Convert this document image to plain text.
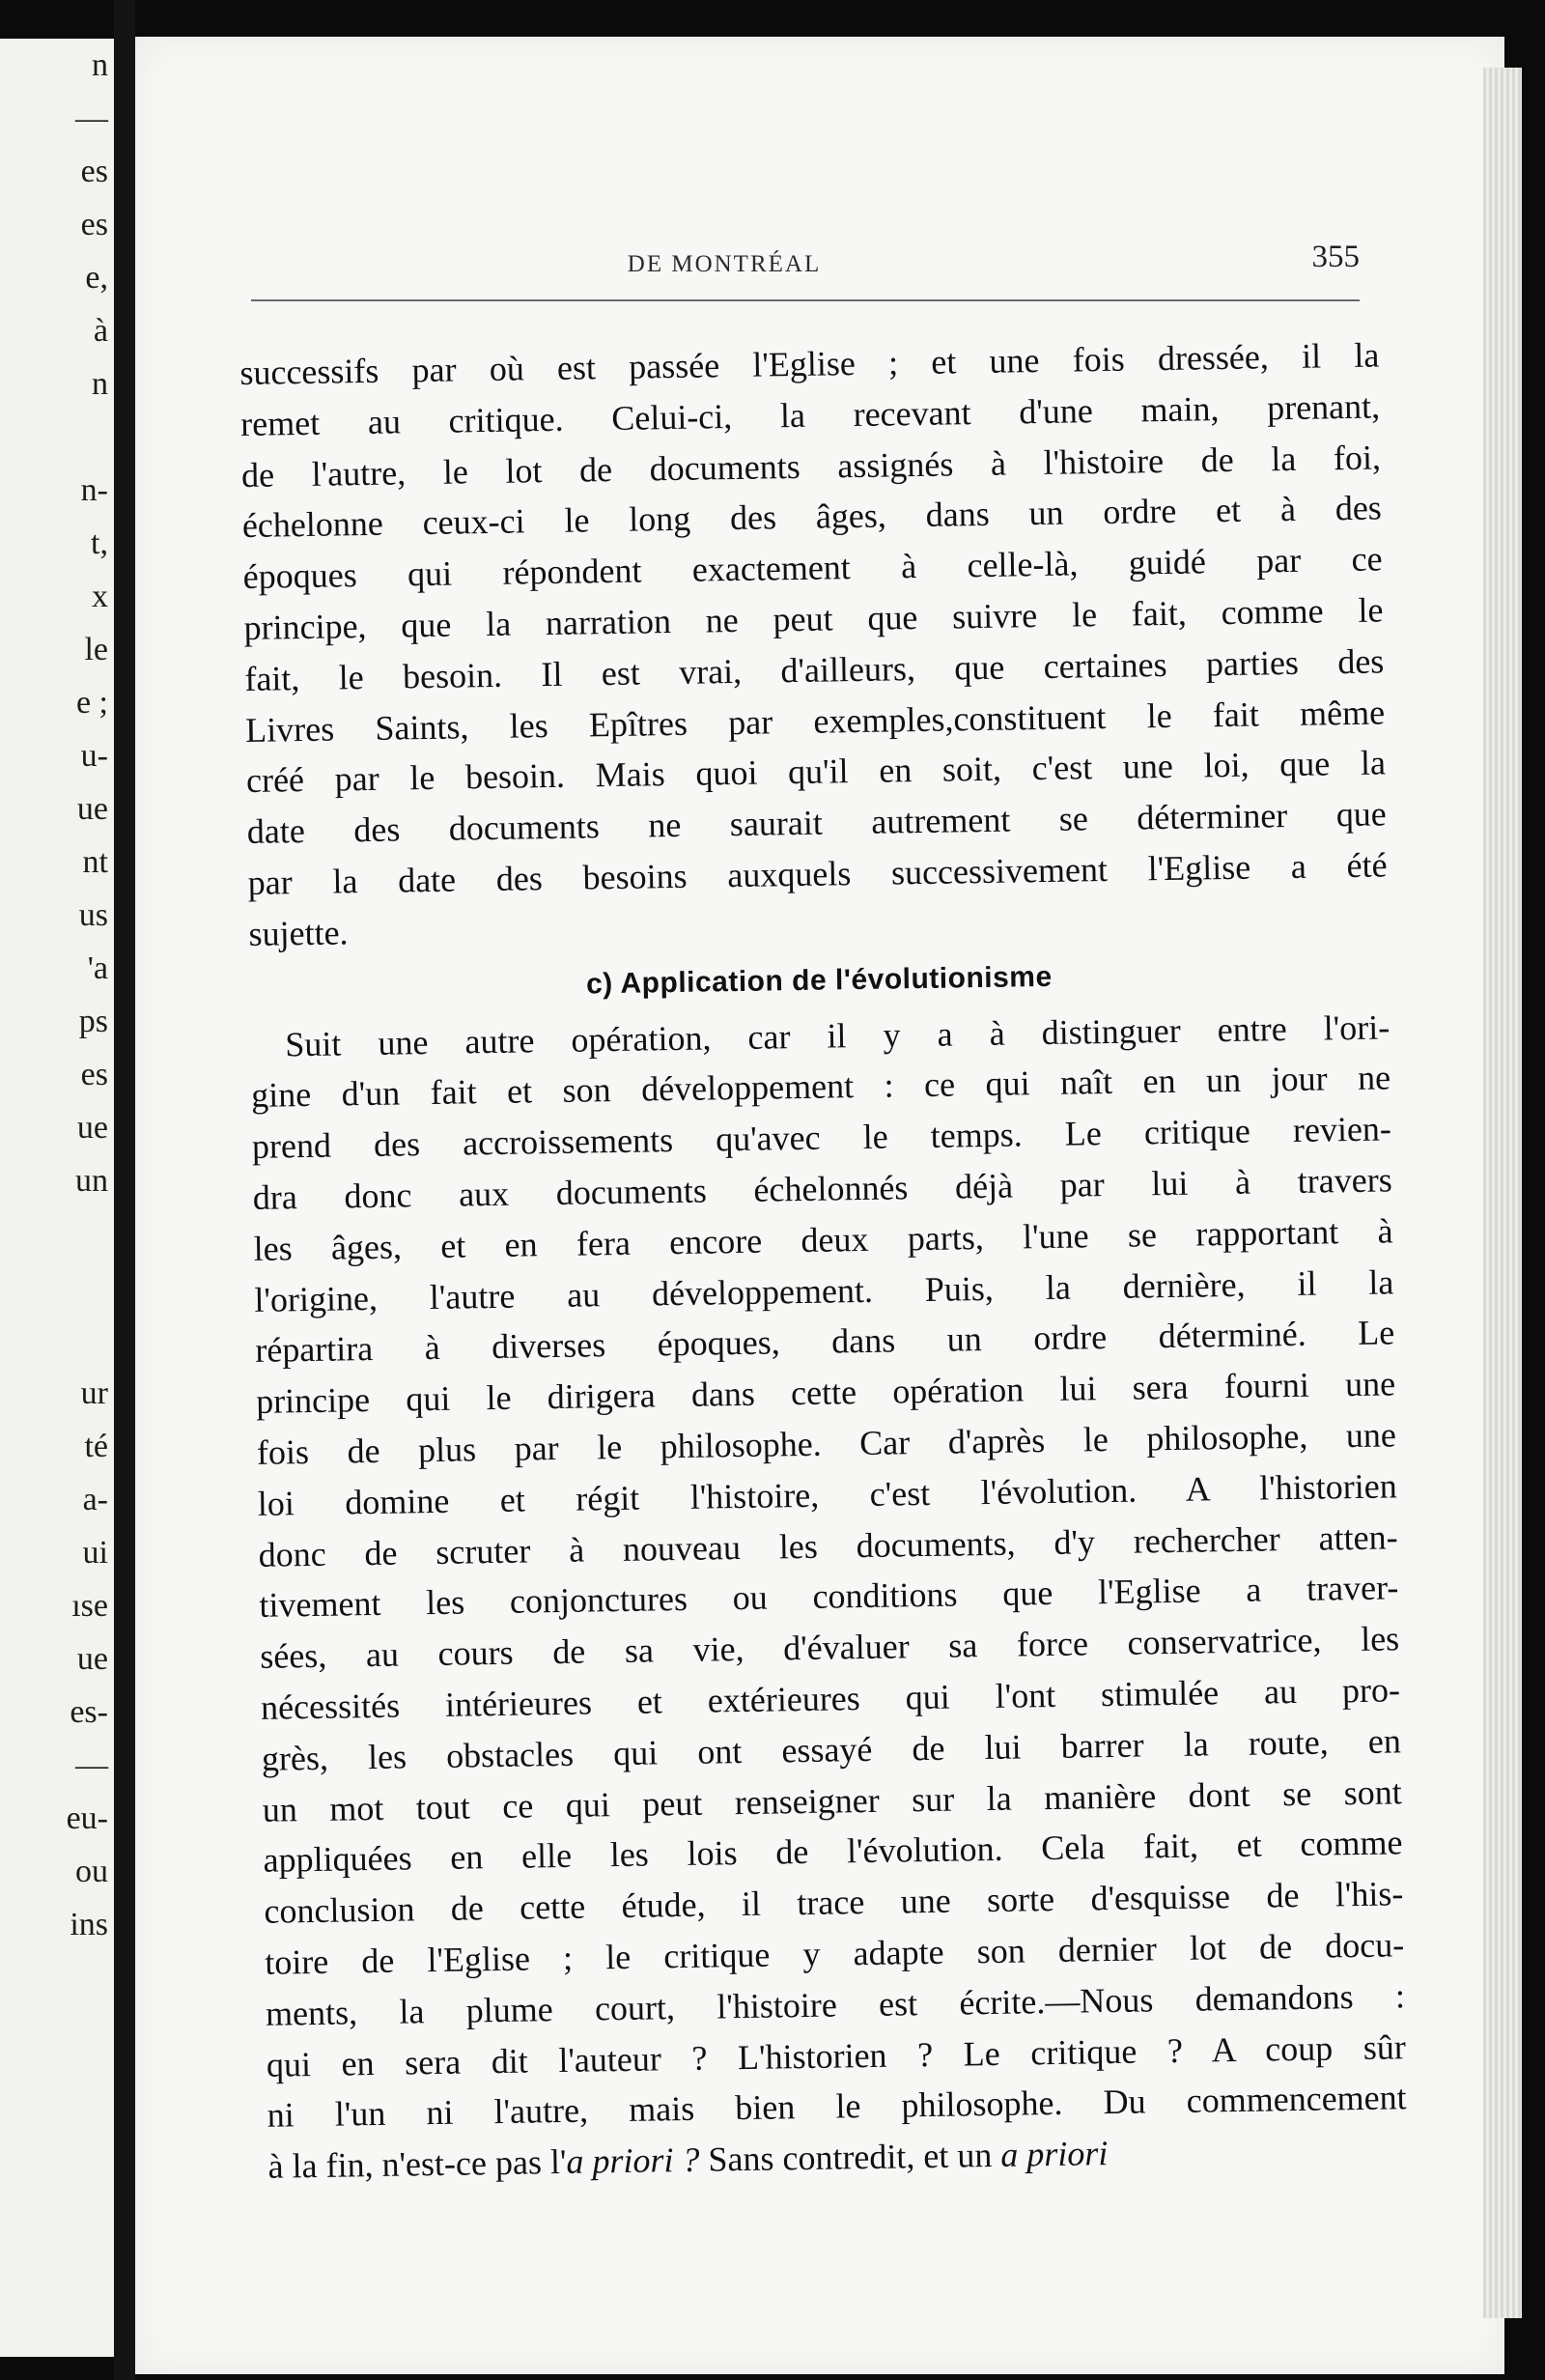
n
—
es
es
e,
à
n
n-
t,
x
le
e ;
u-
ue
nt
us
'a
ps
es
ue
un
ur
té
a-
ui
ıse
ue
es-
—
eu-
ou
ins
DE MONTRÉAL	355
successifs par où est passée l'Eglise ; et une fois dressée, il la
remet au critique. Celui-ci, la recevant d'une main, prenant,
de l'autre, le lot de documents assignés à l'histoire de la foi,
échelonne ceux-ci le long des âges, dans un ordre et à des
époques qui répondent exactement à celle-là, guidé par ce
principe, que la narration ne peut que suivre le fait, comme le
fait, le besoin. Il est vrai, d'ailleurs, que certaines parties des
Livres Saints, les Epîtres par exemples,constituent le fait même
créé par le besoin. Mais quoi qu'il en soit, c'est une loi, que la
date des documents ne saurait autrement se déterminer que
par la date des besoins auxquels successivement l'Eglise a été
sujette.
c) Application de l'évolutionisme
Suit une autre opération, car il y a à distinguer entre l'ori-
gine d'un fait et son développement : ce qui naît en un jour ne
prend des accroissements qu'avec le temps. Le critique revien-
dra donc aux documents échelonnés déjà par lui à travers
les âges, et en fera encore deux parts, l'une se rapportant à
l'origine, l'autre au développement. Puis, la dernière, il la
répartira à diverses époques, dans un ordre déterminé. Le
principe qui le dirigera dans cette opération lui sera fourni une
fois de plus par le philosophe. Car d'après le philosophe, une
loi domine et régit l'histoire, c'est l'évolution. A l'historien
donc de scruter à nouveau les documents, d'y rechercher atten-
tivement les conjonctures ou conditions que l'Eglise a traver-
sées, au cours de sa vie, d'évaluer sa force conservatrice, les
nécessités intérieures et extérieures qui l'ont stimulée au pro-
grès, les obstacles qui ont essayé de lui barrer la route, en
un mot tout ce qui peut renseigner sur la manière dont se sont
appliquées en elle les lois de l'évolution. Cela fait, et comme
conclusion de cette étude, il trace une sorte d'esquisse de l'his-
toire de l'Eglise ; le critique y adapte son dernier lot de docu-
ments, la plume court, l'histoire est écrite.—Nous demandons :
qui en sera dit l'auteur ? L'historien ? Le critique ? A coup sûr
ni l'un ni l'autre, mais bien le philosophe. Du commencement
à la fin, n'est-ce pas l'a priori ? Sans contredit, et un a priori
